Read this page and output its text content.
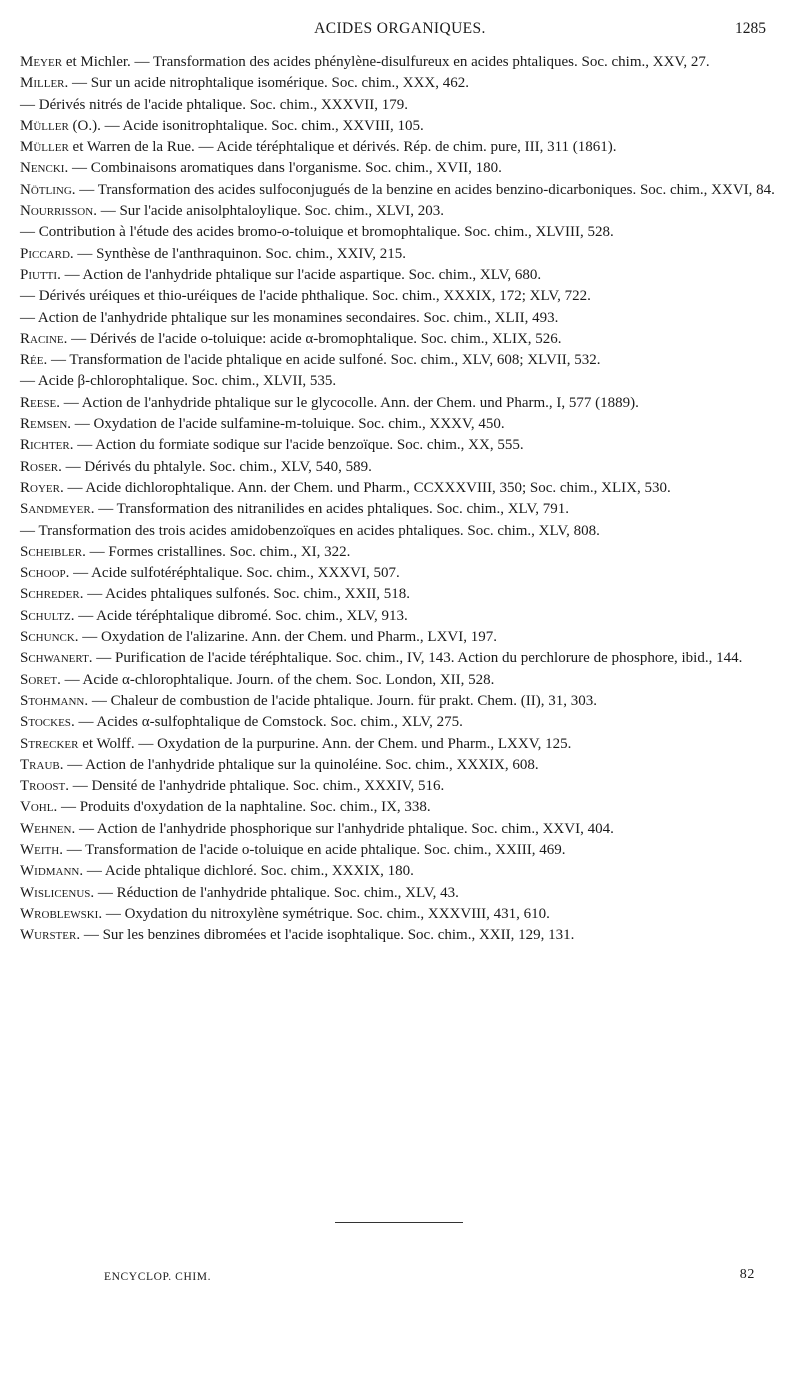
ACIDES ORGANIQUES.	1285
Meyer et Michler. — Transformation des acides phénylène-disulfureux en acides phtaliques. Soc. chim., XXV, 27.
Miller. — Sur un acide nitrophtalique isomérique. Soc. chim., XXX, 462.
— Dérivés nitrés de l'acide phtalique. Soc. chim., XXXVII, 179.
Müller (O.). — Acide isonitrophtalique. Soc. chim., XXVIII, 105.
Müller et Warren de la Rue. — Acide téréphtalique et dérivés. Rép. de chim. pure, III, 311 (1861).
Nencki. — Combinaisons aromatiques dans l'organisme. Soc. chim., XVII, 180.
Nötling. — Transformation des acides sulfoconjugués de la benzine en acides benzino-dicarboniques. Soc. chim., XXVI, 84.
Nourrisson. — Sur l'acide anisolphtaloylique. Soc. chim., XLVI, 203.
— Contribution à l'étude des acides bromo-o-toluique et bromophtalique. Soc. chim., XLVIII, 528.
Piccard. — Synthèse de l'anthraquinon. Soc. chim., XXIV, 215.
Piutti. — Action de l'anhydride phtalique sur l'acide aspartique. Soc. chim., XLV, 680.
— Dérivés uréiques et thio-uréiques de l'acide phthalique. Soc. chim., XXXIX, 172; XLV, 722.
— Action de l'anhydride phtalique sur les monamines secondaires. Soc. chim., XLII, 493.
Racine. — Dérivés de l'acide o-toluique: acide α-bromophtalique. Soc. chim., XLIX, 526.
Rée. — Transformation de l'acide phtalique en acide sulfoné. Soc. chim., XLV, 608; XLVII, 532.
— Acide β-chlorophtalique. Soc. chim., XLVII, 535.
Reese. — Action de l'anhydride phtalique sur le glycocolle. Ann. der Chem. und Pharm., I, 577 (1889).
Remsen. — Oxydation de l'acide sulfamine-m-toluique. Soc. chim., XXXV, 450.
Richter. — Action du formiate sodique sur l'acide benzoïque. Soc. chim., XX, 555.
Roser. — Dérivés du phtalyle. Soc. chim., XLV, 540, 589.
Royer. — Acide dichlorophtalique. Ann. der Chem. und Pharm., CCXXXVIII, 350; Soc. chim., XLIX, 530.
Sandmeyer. — Transformation des nitranilides en acides phtaliques. Soc. chim., XLV, 791.
— Transformation des trois acides amidobenzoïques en acides phtaliques. Soc. chim., XLV, 808.
Scheibler. — Formes cristallines. Soc. chim., XI, 322.
Schoop. — Acide sulfotéréphtalique. Soc. chim., XXXVI, 507.
Schreder. — Acides phtaliques sulfonés. Soc. chim., XXII, 518.
Schultz. — Acide téréphtalique dibromé. Soc. chim., XLV, 913.
Schunck. — Oxydation de l'alizarine. Ann. der Chem. und Pharm., LXVI, 197.
Schwanert. — Purification de l'acide téréphtalique. Soc. chim., IV, 143. Action du perchlorure de phosphore, ibid., 144.
Soret. — Acide α-chlorophtalique. Journ. of the chem. Soc. London, XII, 528.
Stohmann. — Chaleur de combustion de l'acide phtalique. Journ. für prakt. Chem. (II), 31, 303.
Stockes. — Acides α-sulfophtalique de Comstock. Soc. chim., XLV, 275.
Strecker et Wolff. — Oxydation de la purpurine. Ann. der Chem. und Pharm., LXXV, 125.
Traub. — Action de l'anhydride phtalique sur la quinoléine. Soc. chim., XXXIX, 608.
Troost. — Densité de l'anhydride phtalique. Soc. chim., XXXIV, 516.
Vohl. — Produits d'oxydation de la naphtaline. Soc. chim., IX, 338.
Wehnen. — Action de l'anhydride phosphorique sur l'anhydride phtalique. Soc. chim., XXVI, 404.
Weith. — Transformation de l'acide o-toluique en acide phtalique. Soc. chim., XXIII, 469.
Widmann. — Acide phtalique dichloré. Soc. chim., XXXIX, 180.
Wislicenus. — Réduction de l'anhydride phtalique. Soc. chim., XLV, 43.
Wroblewski. — Oxydation du nitroxylène symétrique. Soc. chim., XXXVIII, 431, 610.
Wurster. — Sur les benzines dibromées et l'acide isophtalique. Soc. chim., XXII, 129, 131.
ENCYCLOP. CHIM.	82
